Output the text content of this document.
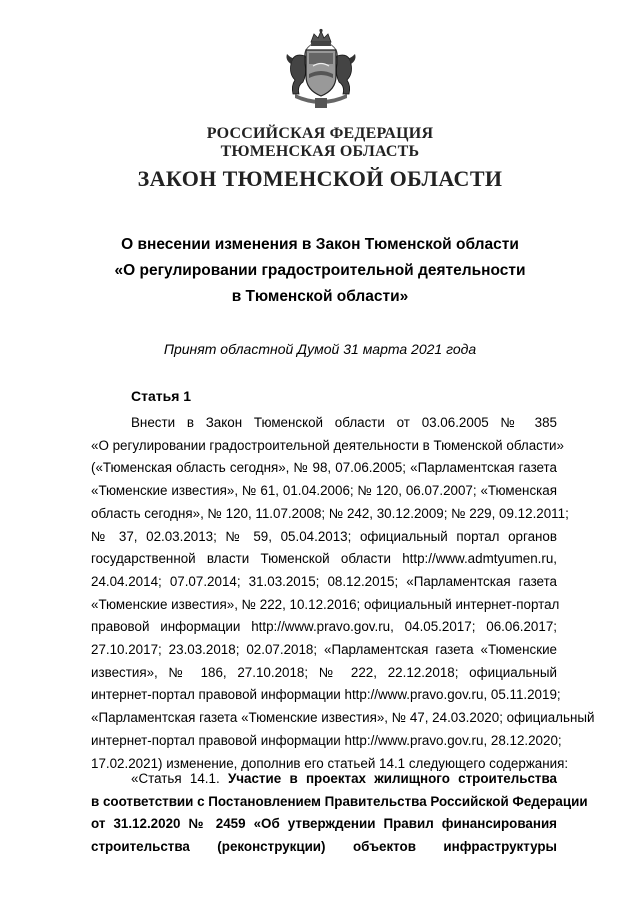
РОССИЙСКАЯ ФЕДЕРАЦИЯ
ТЮМЕНСКАЯ ОБЛАСТЬ
ЗАКОН ТЮМЕНСКОЙ ОБЛАСТИ
О внесении изменения в Закон Тюменской области
«О регулировании градостроительной деятельности
в Тюменской области»
Принят областной Думой 31 марта 2021 года
Статья 1
Внести в Закон Тюменской области от 03.06.2005 № 385
«О регулировании градостроительной деятельности в Тюменской области»
(«Тюменская область сегодня», № 98, 07.06.2005; «Парламентская газета
«Тюменские известия», № 61, 01.04.2006; № 120, 06.07.2007; «Тюменская
область сегодня», № 120, 11.07.2008; № 242, 30.12.2009; № 229, 09.12.2011;
№ 37, 02.03.2013; № 59, 05.04.2013; официальный портал органов
государственной власти Тюменской области http://www.admtyumen.ru,
24.04.2014; 07.07.2014; 31.03.2015; 08.12.2015; «Парламентская газета
«Тюменские известия», № 222, 10.12.2016; официальный интернет-портал
правовой информации http://www.pravo.gov.ru, 04.05.2017; 06.06.2017;
27.10.2017; 23.03.2018; 02.07.2018; «Парламентская газета «Тюменские
известия», № 186, 27.10.2018; № 222, 22.12.2018; официальный
интернет-портал правовой информации http://www.pravo.gov.ru, 05.11.2019;
«Парламентская газета «Тюменские известия», № 47, 24.03.2020; официальный
интернет-портал правовой информации http://www.pravo.gov.ru, 28.12.2020;
17.02.2021) изменение, дополнив его статьей 14.1 следующего содержания:
«Статья 14.1. Участие в проектах жилищного строительства
в соответствии с Постановлением Правительства Российской Федерации
от 31.12.2020 № 2459 «Об утверждении Правил финансирования
строительства (реконструкции) объектов инфраструктуры
